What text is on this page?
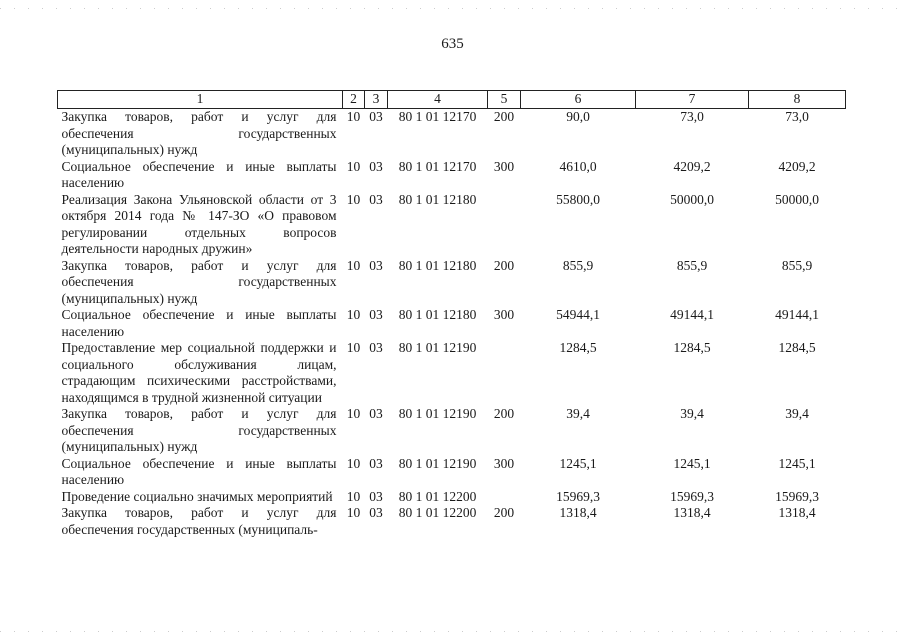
635
1	2	3	4	5	6	7	8
Закупка товаров, работ и услуг для обеспечения государственных (муниципальных) нужд	10	03	80 1 01 12170	200	90,0	73,0	73,0
Социальное обеспечение и иные выплаты населению	10	03	80 1 01 12170	300	4610,0	4209,2	4209,2
Реализация Закона Ульяновской области от 3 октября 2014 года № 147-ЗО «О правовом регулировании отдельных вопросов деятельности народных дружин»	10	03	80 1 01 12180		55800,0	50000,0	50000,0
Закупка товаров, работ и услуг для обеспечения государственных (муниципальных) нужд	10	03	80 1 01 12180	200	855,9	855,9	855,9
Социальное обеспечение и иные выплаты населению	10	03	80 1 01 12180	300	54944,1	49144,1	49144,1
Предоставление мер социальной поддержки и социального обслуживания лицам, страдающим психическими расстройствами, находящимся в трудной жизненной ситуации	10	03	80 1 01 12190		1284,5	1284,5	1284,5
Закупка товаров, работ и услуг для обеспечения государственных (муниципальных) нужд	10	03	80 1 01 12190	200	39,4	39,4	39,4
Социальное обеспечение и иные выплаты населению	10	03	80 1 01 12190	300	1245,1	1245,1	1245,1
Проведение социально значимых мероприятий	10	03	80 1 01 12200		15969,3	15969,3	15969,3
Закупка товаров, работ и услуг для обеспечения государственных (муниципаль-	10	03	80 1 01 12200	200	1318,4	1318,4	1318,4
